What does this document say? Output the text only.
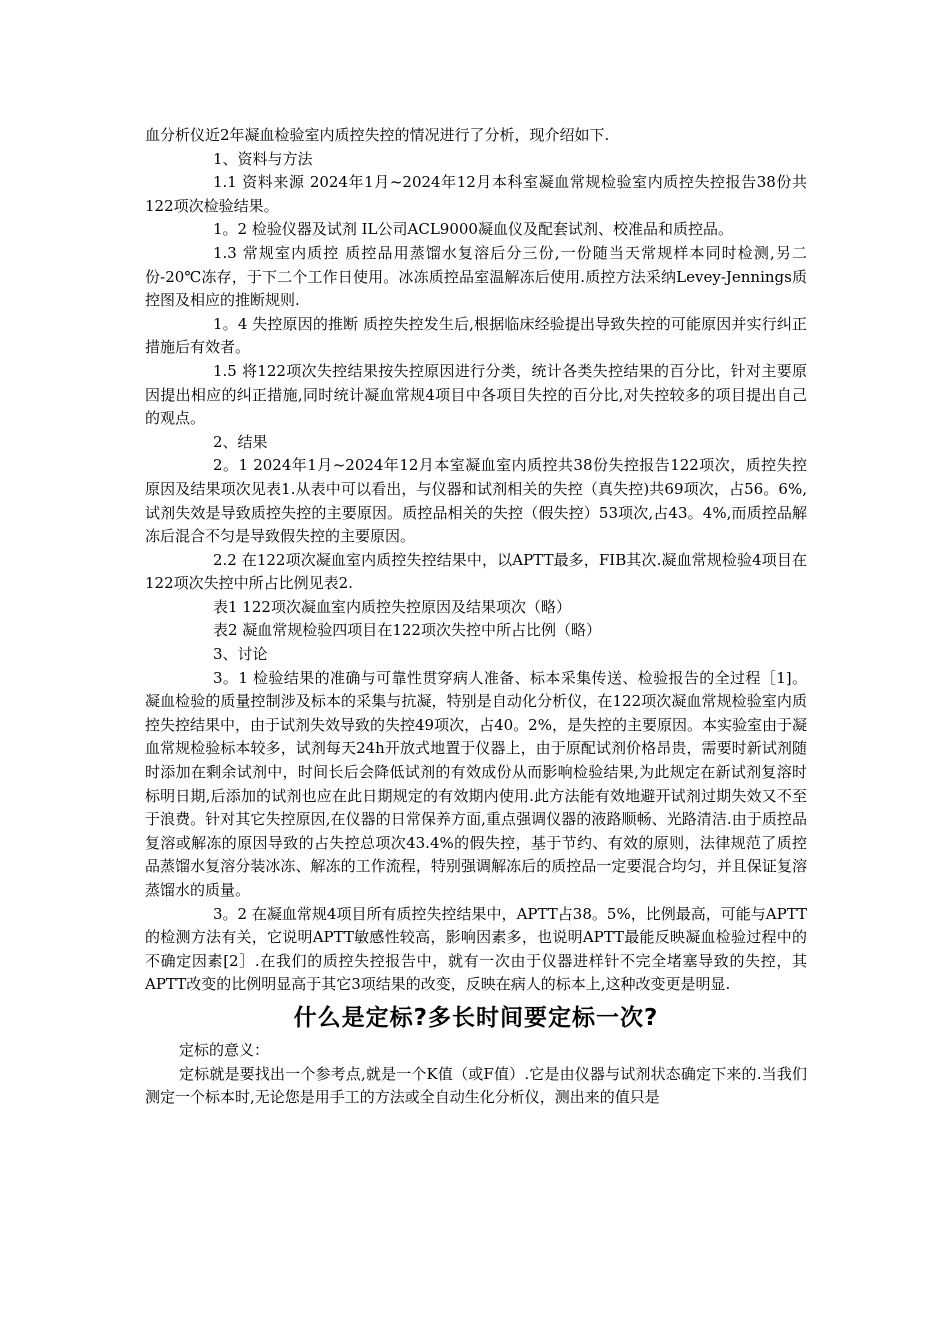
血分析仪近2年凝血检验室内质控失控的情况进行了分析，现介绍如下.

1、资料与方法

1.1 资料来源 2024年1月~2024年12月本科室凝血常规检验室内质控失控报告38份共122项次检验结果。

1。2 检验仪器及试剂 IL公司ACL9000凝血仪及配套试剂、校准品和质控品。

1.3 常规室内质控 质控品用蒸馏水复溶后分三份,一份随当天常规样本同时检测,另二份-20℃冻存，于下二个工作日使用。冰冻质控品室温解冻后使用.质控方法采纳Levey-Jennings质控图及相应的推断规则.

1。4 失控原因的推断 质控失控发生后,根据临床经验提出导致失控的可能原因并实行纠正措施后有效者。

1.5 将122项次失控结果按失控原因进行分类，统计各类失控结果的百分比，针对主要原因提出相应的纠正措施,同时统计凝血常规4项目中各项目失控的百分比,对失控较多的项目提出自己的观点。

2、结果

2。1 2024年1月~2024年12月本室凝血室内质控共38份失控报告122项次，质控失控原因及结果项次见表1.从表中可以看出，与仪器和试剂相关的失控（真失控)共69项次，占56。6%,试剂失效是导致质控失控的主要原因。质控品相关的失控（假失控）53项次,占43。4%,而质控品解冻后混合不匀是导致假失控的主要原因。

2.2 在122项次凝血室内质控失控结果中，以APTT最多，FIB其次.凝血常规检验4项目在122项次失控中所占比例见表2.

表1 122项次凝血室内质控失控原因及结果项次（略）

表2 凝血常规检验四项目在122项次失控中所占比例（略）

3、讨论

3。1 检验结果的准确与可靠性贯穿病人准备、标本采集传送、检验报告的全过程［1]。凝血检验的质量控制涉及标本的采集与抗凝，特别是自动化分析仪，在122项次凝血常规检验室内质控失控结果中，由于试剂失效导致的失控49项次，占40。2%，是失控的主要原因。本实验室由于凝血常规检验标本较多，试剂每天24h开放式地置于仪器上，由于原配试剂价格昂贵，需要时新试剂随时添加在剩余试剂中，时间长后会降低试剂的有效成份从而影响检验结果,为此规定在新试剂复溶时标明日期,后添加的试剂也应在此日期规定的有效期内使用.此方法能有效地避开试剂过期失效又不至于浪费。针对其它失控原因,在仪器的日常保养方面,重点强调仪器的液路顺畅、光路清洁.由于质控品复溶或解冻的原因导致的占失控总项次43.4%的假失控，基于节约、有效的原则，法律规范了质控品蒸馏水复溶分装冰冻、解冻的工作流程，特别强调解冻后的质控品一定要混合均匀，并且保证复溶蒸馏水的质量。

3。2 在凝血常规4项目所有质控失控结果中，APTT占38。5%，比例最高，可能与APTT的检测方法有关，它说明APTT敏感性较高，影响因素多，也说明APTT最能反映凝血检验过程中的不确定因素[2］.在我们的质控失控报告中，就有一次由于仪器进样针不完全堵塞导致的失控，其APTT改变的比例明显高于其它3项结果的改变，反映在病人的标本上,这种改变更是明显.

什么是定标?多长时间要定标一次?

定标的意义：

定标就是要找出一个参考点,就是一个K值（或F值）.它是由仪器与试剂状态确定下来的.当我们测定一个标本时,无论您是用手工的方法或全自动生化分析仪，测出来的值只是
